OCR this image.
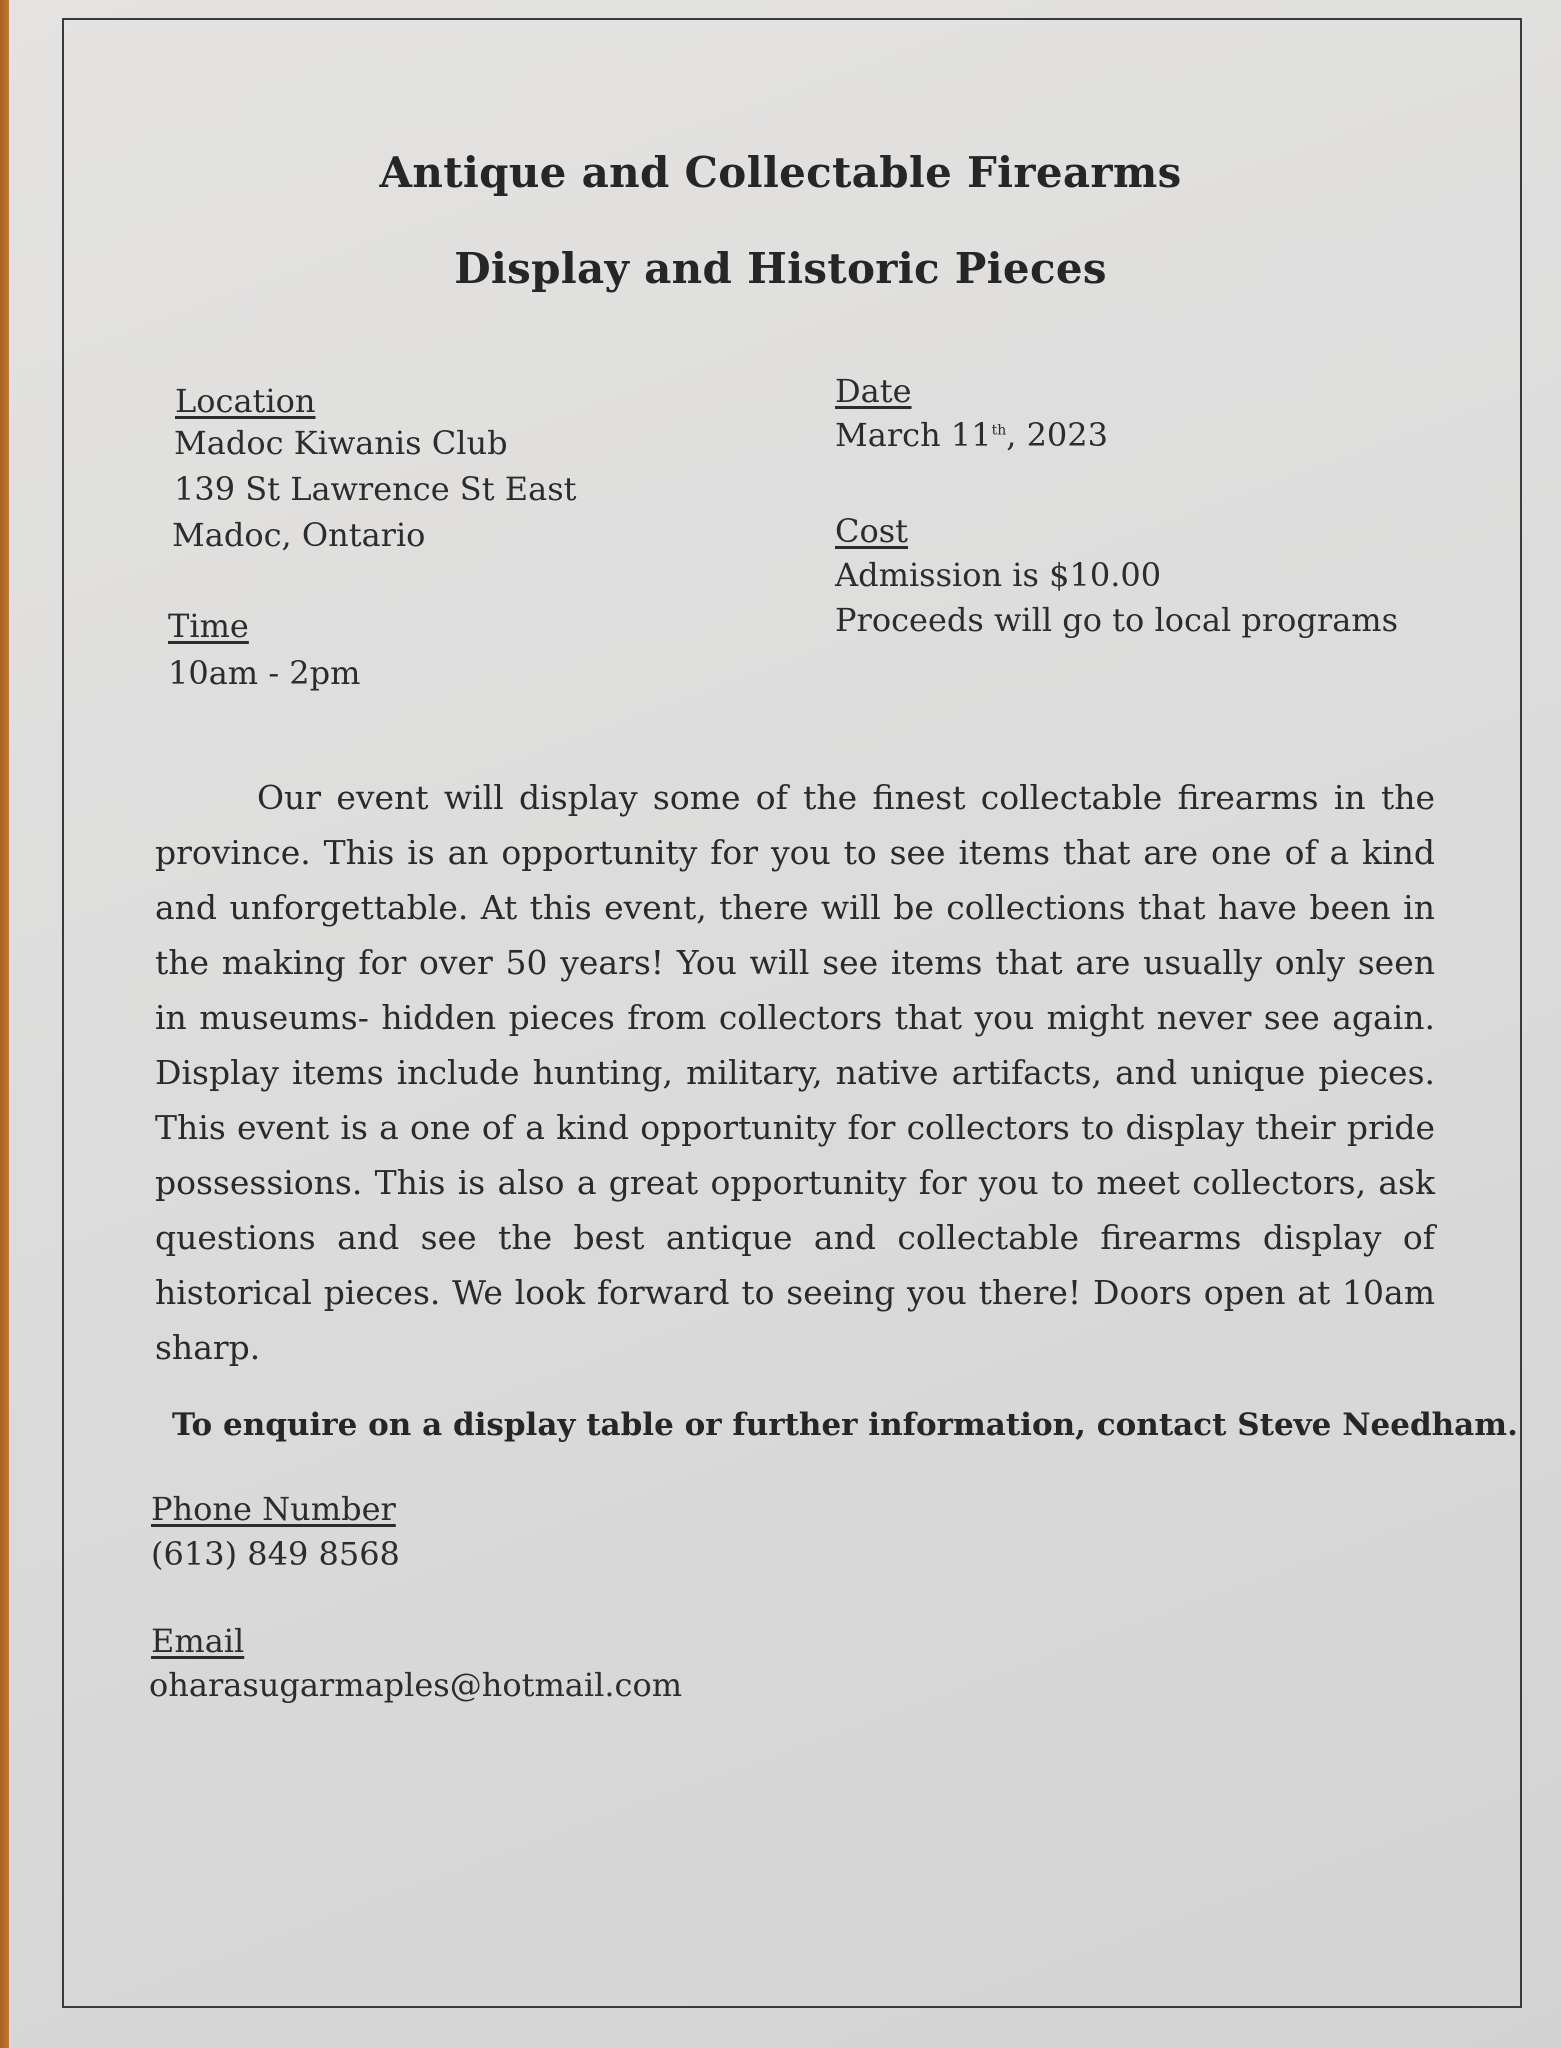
Antique and Collectable Firearms
Display and Historic Pieces
Location
Madoc Kiwanis Club
139 St Lawrence St East
Madoc, Ontario
Time
10am - 2pm
Date
March 11th, 2023
Cost
Admission is $10.00
Proceeds will go to local programs

Our event will display some of the finest collectable firearms in the province. This is an opportunity for you to see items that are one of a kind and unforgettable. At this event, there will be collections that have been in the making for over 50 years! You will see items that are usually only seen in museums- hidden pieces from collectors that you might never see again. Display items include hunting, military, native artifacts, and unique pieces. This event is a one of a kind opportunity for collectors to display their pride possessions. This is also a great opportunity for you to meet collectors, ask questions and see the best antique and collectable firearms display of historical pieces. We look forward to seeing you there! Doors open at 10am sharp.

To enquire on a display table or further information, contact Steve Needham.
Phone Number
(613) 849 8568
Email
oharasugarmaples@hotmail.com
